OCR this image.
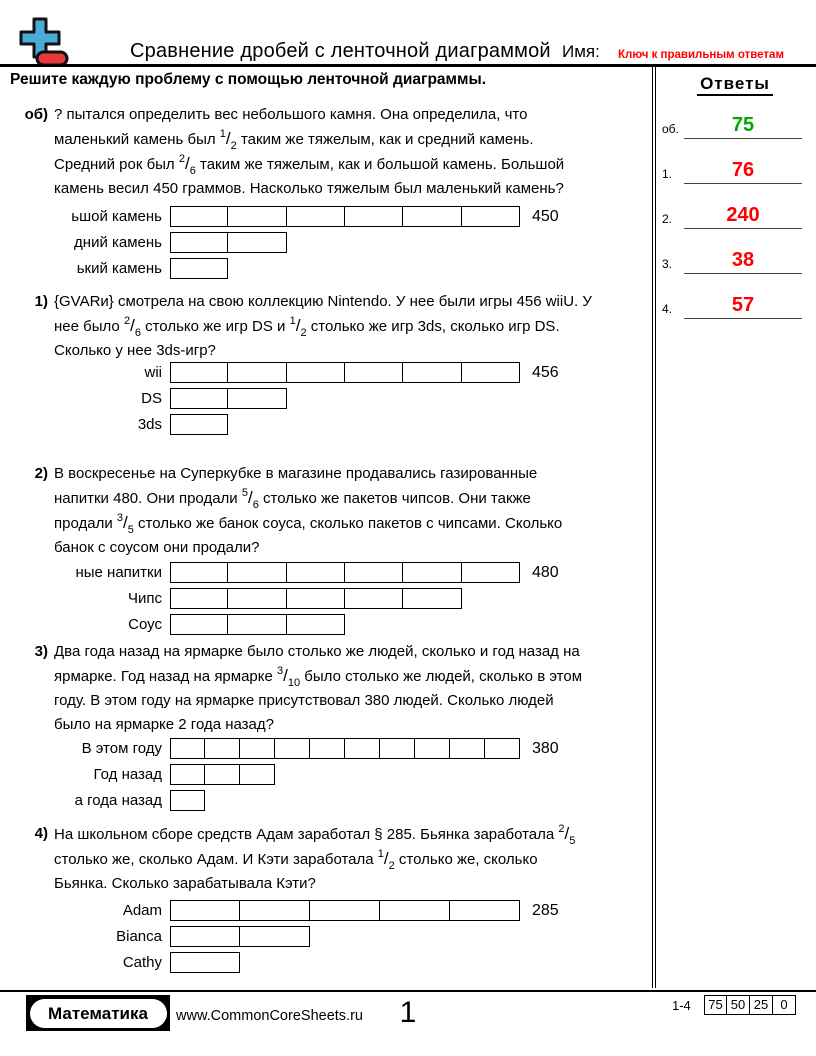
Сравнение дробей с ленточной диаграммой Имя: Ключ к правильным ответам
Решите каждую проблему с помощью ленточной диаграммы.	Ответы
об.	75
1.	76
2.	240
3.	38
4.	57
об) ? пытался определить вес небольшого камня. Она определила, что
маленький камень был $^1/_2$ таким же тяжелым, как и средний камень.
Средний рок был $^2/_6$ таким же тяжелым, как и большой камень. Большой
камень весил 450 граммов. Насколько тяжелым был маленький камень?
ьшой камень	450
дний камень
ький камень
1) {GVARи} смотрела на свою коллекцию Nintendo. У нее были игры 456 wiiU. У
нее было $^2/_6$ столько же игр DS и $^1/_2$ столько же игр 3ds, сколько игр DS.
Сколько у нее 3ds-игр?
wii	456
DS
3ds
2) В воскресенье на Суперкубке в магазине продавались газированные
напитки 480. Они продали $^5/_6$ столько же пакетов чипсов. Они также
продали $^3/_5$ столько же банок соуса, сколько пакетов с чипсами. Сколько
банок с соусом они продали?
ные напитки	480
Чипс
Соус
3) Два года назад на ярмарке было столько же людей, сколько и год назад на
ярмарке. Год назад на ярмарке $^3/_{10}$ было столько же людей, сколько в этом
году. В этом году на ярмарке присутствовал 380 людей. Сколько людей
было на ярмарке 2 года назад?
В этом году	380
Год назад
а года назад
4) На школьном сборе средств Адам заработал § 285. Бьянка заработала $^2/_5$
столько же, сколько Адам. И Кэти заработала $^1/_2$ столько же, сколько
Бьянка. Сколько зарабатывала Кэти?
Adam	285
Bianca
Cathy
Математика	www.CommonCoreSheets.ru	1	1-4	75 50 25 0
